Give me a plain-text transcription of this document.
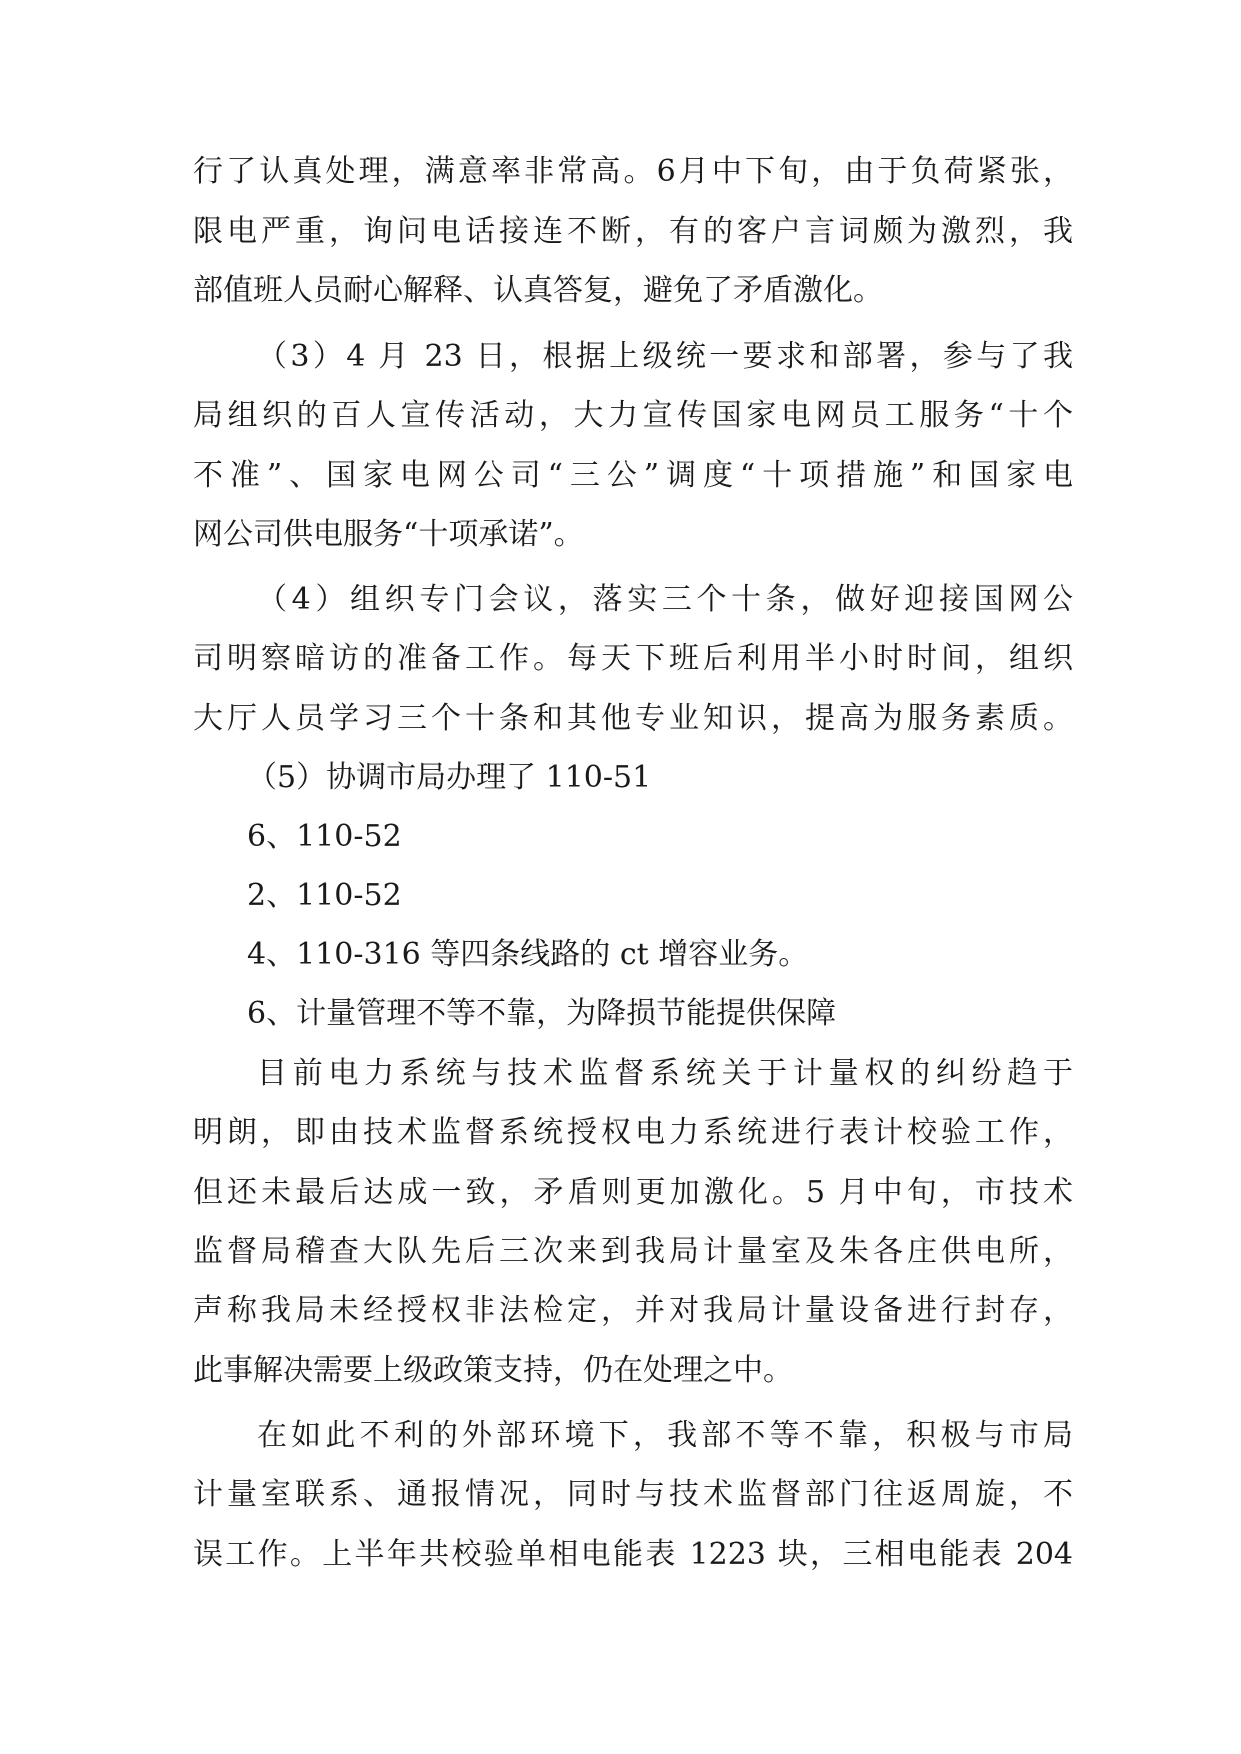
行了认真处理，满意率非常高。6月中下旬，由于负荷紧张，
限电严重，询问电话接连不断，有的客户言词颇为激烈，我
部值班人员耐心解释、认真答复，避免了矛盾激化。
（3）4 月 23 日，根据上级统一要求和部署，参与了我
局组织的百人宣传活动，大力宣传国家电网员工服务“十个
不准”、国家电网公司“三公”调度“十项措施”和国家电
网公司供电服务“十项承诺”。
（4）组织专门会议，落实三个十条，做好迎接国网公
司明察暗访的准备工作。每天下班后利用半小时时间，组织
大厅人员学习三个十条和其他专业知识，提高为服务素质。
（5）协调市局办理了 110-51
6、110-52
2、110-52
4、110-316 等四条线路的 ct 增容业务。
6、计量管理不等不靠，为降损节能提供保障
目前电力系统与技术监督系统关于计量权的纠纷趋于
明朗，即由技术监督系统授权电力系统进行表计校验工作，
但还未最后达成一致，矛盾则更加激化。5 月中旬，市技术
监督局稽查大队先后三次来到我局计量室及朱各庄供电所，
声称我局未经授权非法检定，并对我局计量设备进行封存，
此事解决需要上级政策支持，仍在处理之中。
在如此不利的外部环境下，我部不等不靠，积极与市局
计量室联系、通报情况，同时与技术监督部门往返周旋，不
误工作。上半年共校验单相电能表 1223 块，三相电能表 204
